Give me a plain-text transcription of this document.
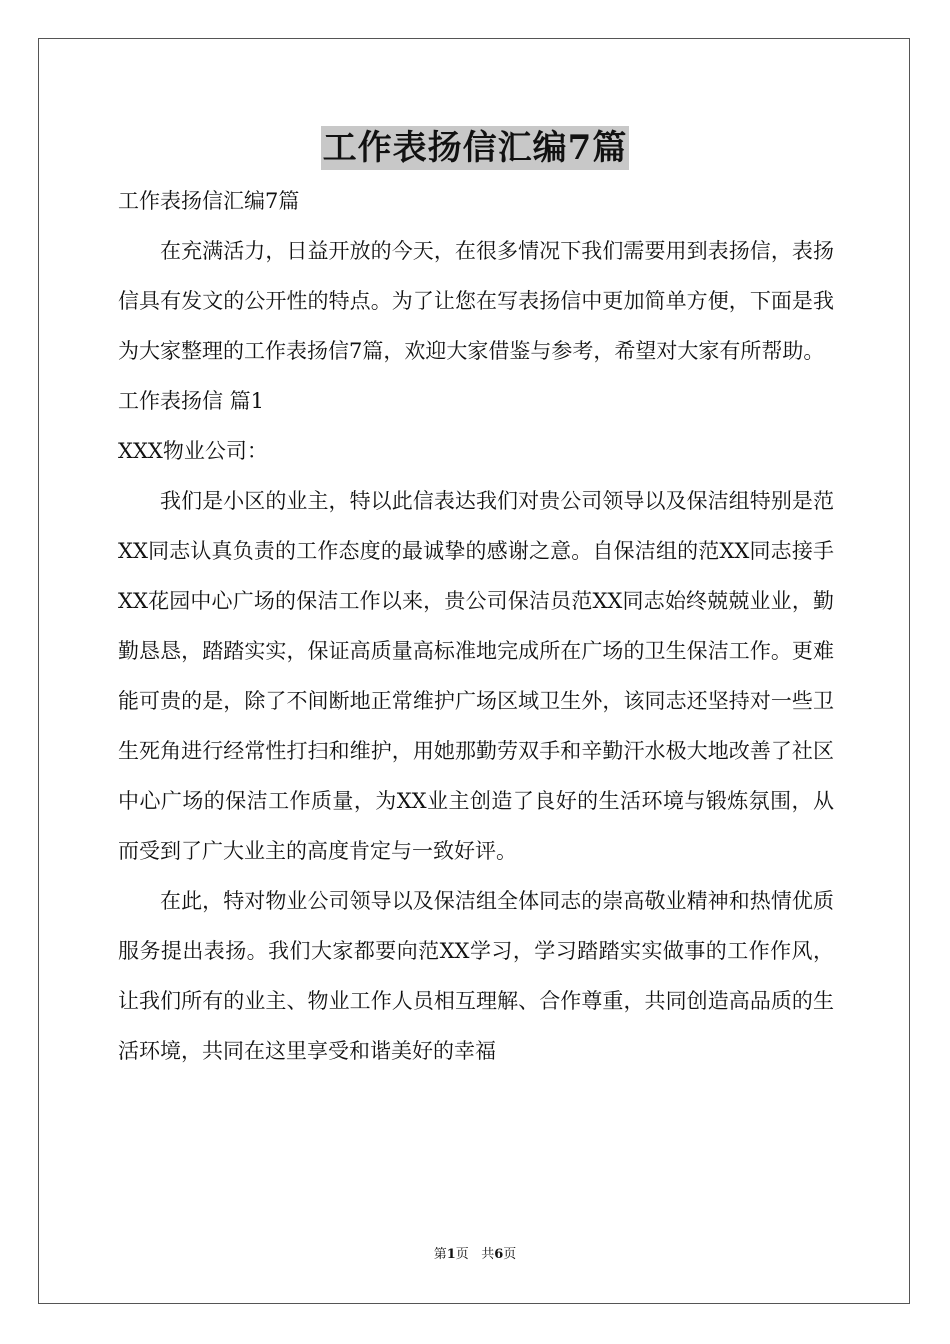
工作表扬信汇编7篇

工作表扬信汇编7篇

在充满活力，日益开放的今天，在很多情况下我们需要用到表扬信，表扬信具有发文的公开性的特点。为了让您在写表扬信中更加简单方便，下面是我为大家整理的工作表扬信7篇，欢迎大家借鉴与参考，希望对大家有所帮助。

工作表扬信 篇1

XXX物业公司：

我们是小区的业主，特以此信表达我们对贵公司领导以及保洁组特别是范XX同志认真负责的工作态度的最诚挚的感谢之意。自保洁组的范XX同志接手XX花园中心广场的保洁工作以来，贵公司保洁员范XX同志始终兢兢业业，勤勤恳恳，踏踏实实，保证高质量高标准地完成所在广场的卫生保洁工作。更难能可贵的是，除了不间断地正常维护广场区域卫生外，该同志还坚持对一些卫生死角进行经常性打扫和维护，用她那勤劳双手和辛勤汗水极大地改善了社区中心广场的保洁工作质量，为XX业主创造了良好的生活环境与锻炼氛围，从而受到了广大业主的高度肯定与一致好评。

在此，特对物业公司领导以及保洁组全体同志的崇高敬业精神和热情优质服务提出表扬。我们大家都要向范XX学习，学习踏踏实实做事的工作作风，让我们所有的业主、物业工作人员相互理解、合作尊重，共同创造高品质的生活环境，共同在这里享受和谐美好的幸福

第1页 共6页
